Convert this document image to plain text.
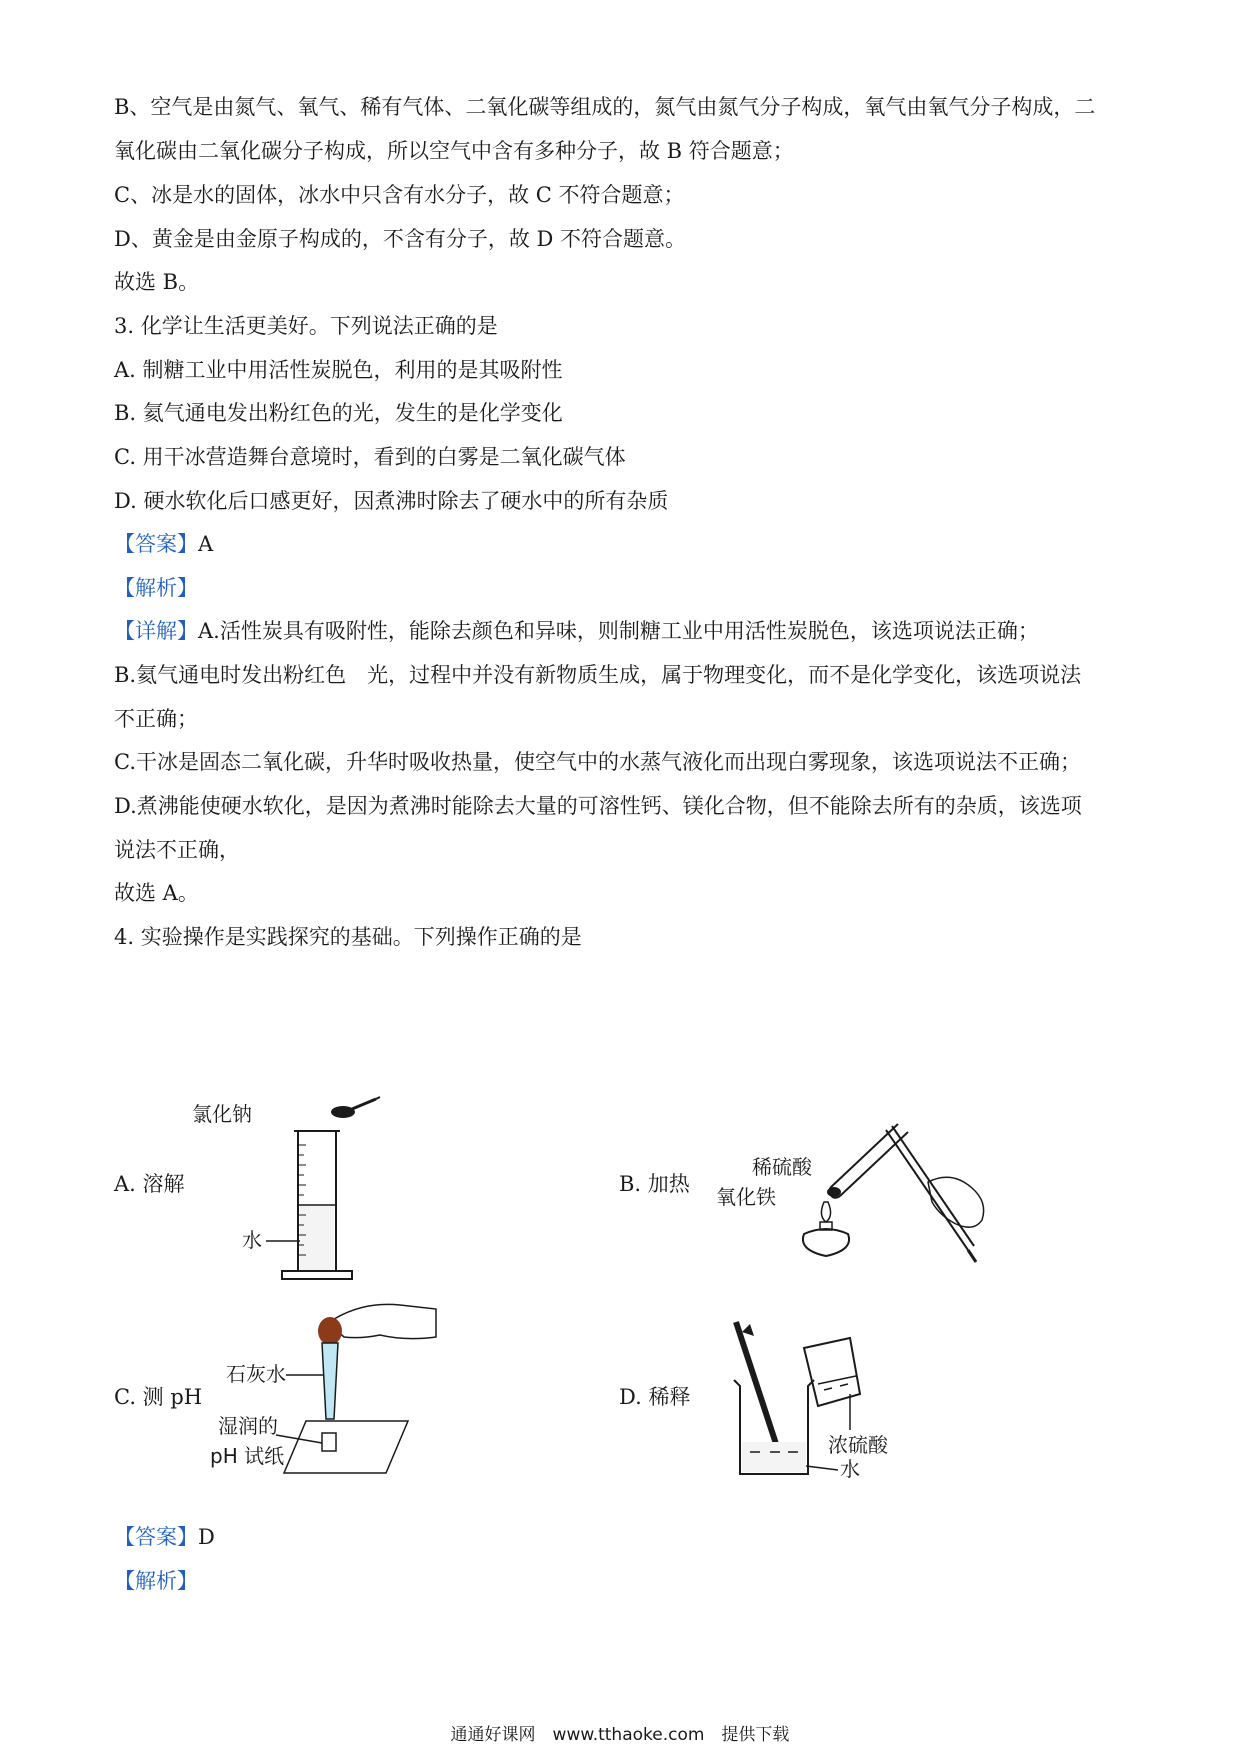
B、空气是由氮气、氧气、稀有气体、二氧化碳等组成的，氮气由氮气分子构成，氧气由氧气分子构成，二
氧化碳由二氧化碳分子构成，所以空气中含有多种分子，故 B 符合题意；
C、冰是水的固体，冰水中只含有水分子，故 C 不符合题意；
D、黄金是由金原子构成的，不含有分子，故 D 不符合题意。
故选 B。
3. 化学让生活更美好。下列说法正确的是
A. 制糖工业中用活性炭脱色，利用的是其吸附性
B. 氦气通电发出粉红色的光，发生的是化学变化
C. 用干冰营造舞台意境时，看到的白雾是二氧化碳气体
D. 硬水软化后口感更好，因煮沸时除去了硬水中的所有杂质
【答案】A
【解析】
【详解】A.活性炭具有吸附性，能除去颜色和异味，则制糖工业中用活性炭脱色，该选项说法正确；
B.氦气通电时发出粉红色　光，过程中并没有新物质生成，属于物理变化，而不是化学变化，该选项说法
不正确；
C.干冰是固态二氧化碳，升华时吸收热量，使空气中的水蒸气液化而出现白雾现象，该选项说法不正确；
D.煮沸能使硬水软化，是因为煮沸时能除去大量的可溶性钙、镁化合物，但不能除去所有的杂质，该选项
说法不正确，
故选 A。
4. 实验操作是实践探究的基础。下列操作正确的是
A. 溶解	B. 加热
C. 测 pH	D. 稀释
氯化钠
水
稀硫酸
氧化铁
石灰水
湿润的
pH 试纸	浓硫酸
水
【答案】D
【解析】
通通好课网　www.tthaoke.com　提供下载
